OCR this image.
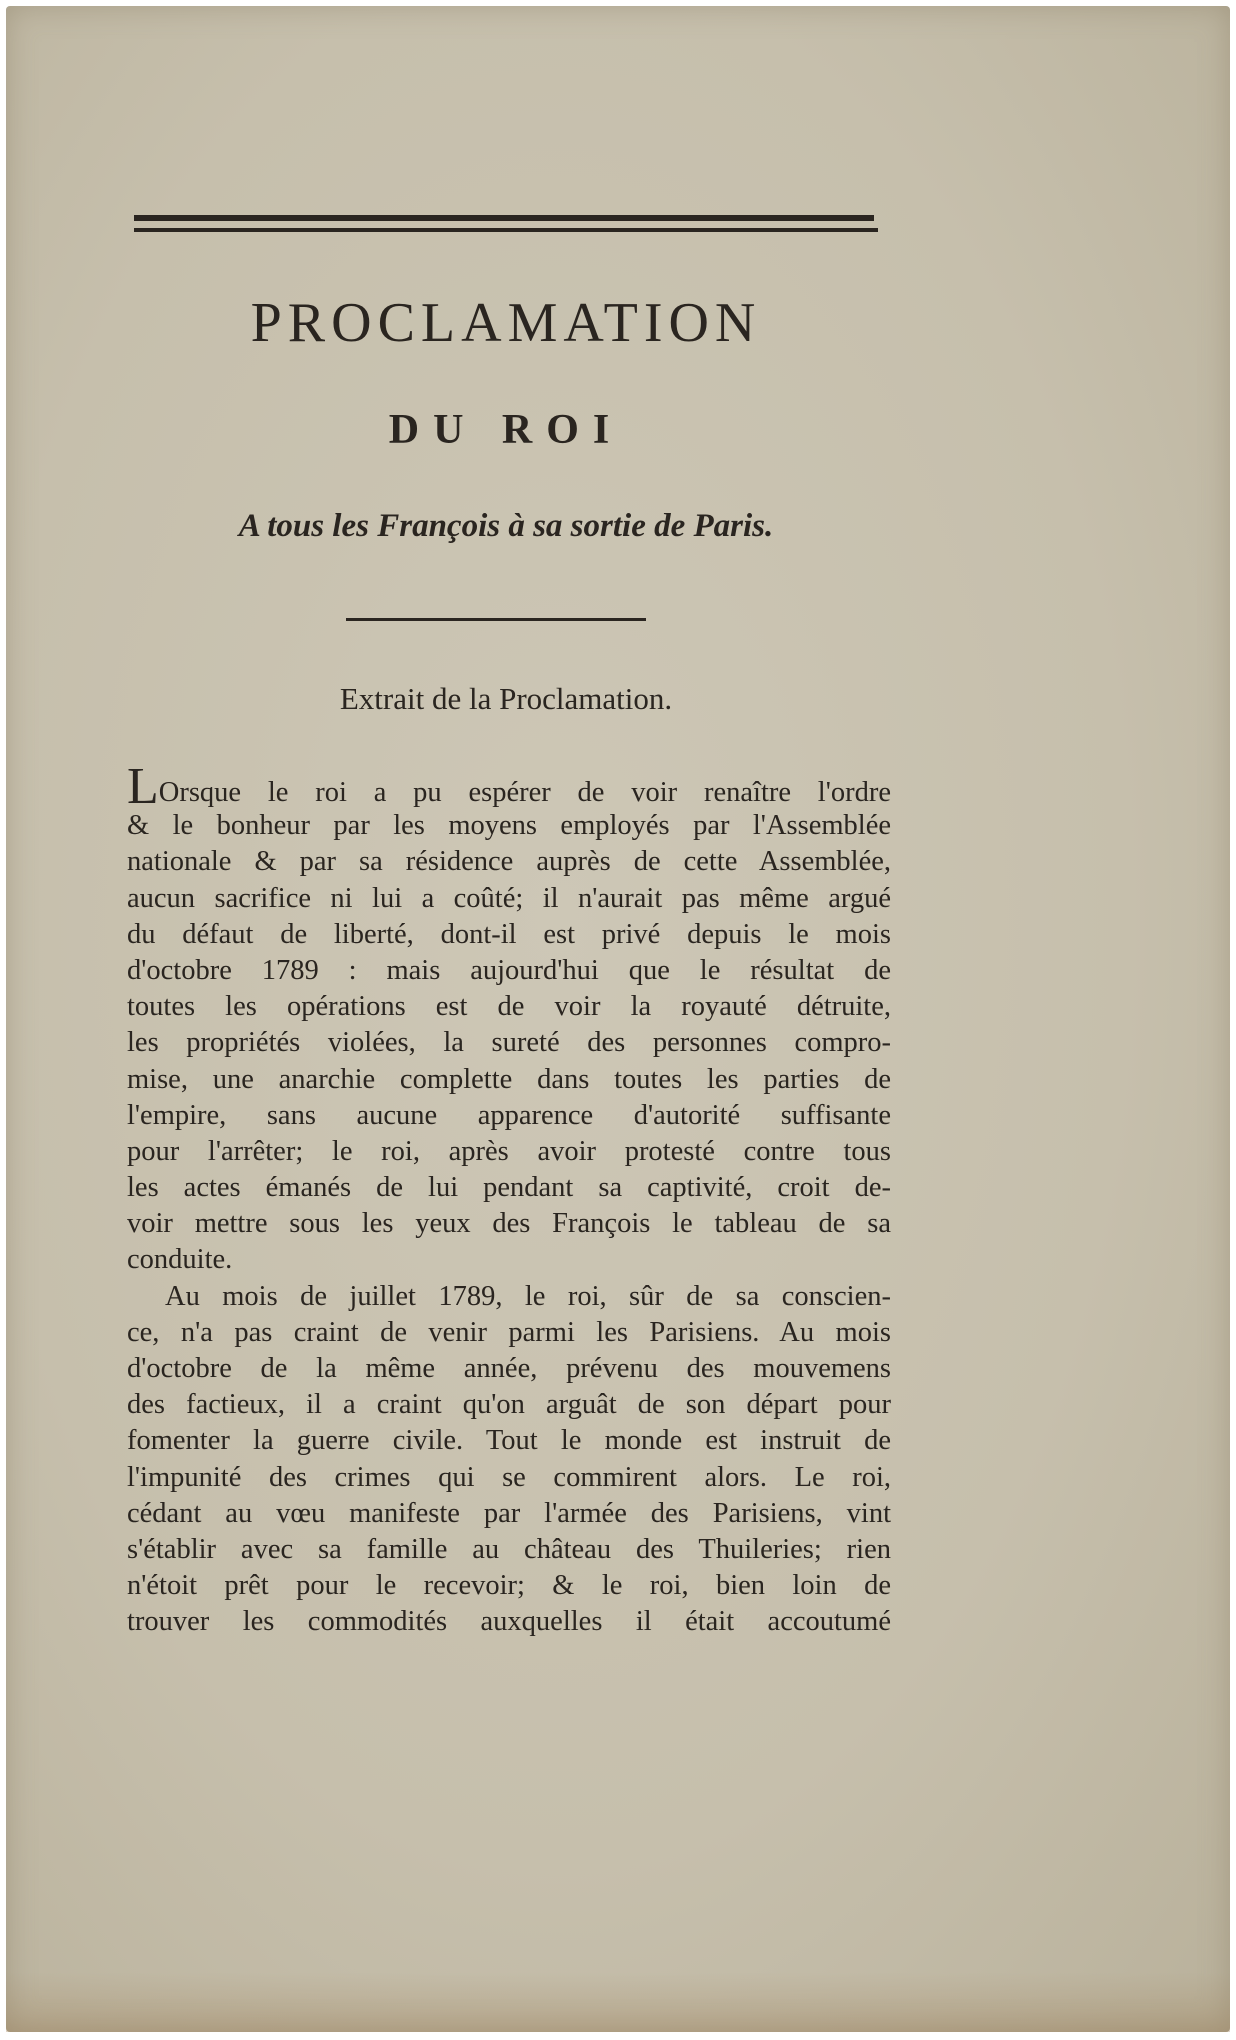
PROCLAMATION
DU ROI
A tous les François à sa sortie de Paris.
Extrait de la Proclamation.
LOrsque le roi a pu espérer de voir renaître l'ordre
& le bonheur par les moyens employés par l'Assemblée
nationale & par sa résidence auprès de cette Assemblée,
aucun sacrifice ni lui a coûté; il n'aurait pas même argué
du défaut de liberté, dont-il est privé depuis le mois
d'octobre 1789 : mais aujourd'hui que le résultat de
toutes les opérations est de voir la royauté détruite,
les propriétés violées, la sureté des personnes compro-
mise, une anarchie complette dans toutes les parties de
l'empire, sans aucune apparence d'autorité suffisante
pour l'arrêter; le roi, après avoir protesté contre tous
les actes émanés de lui pendant sa captivité, croit de-
voir mettre sous les yeux des François le tableau de sa
conduite.
Au mois de juillet 1789, le roi, sûr de sa conscien-
ce, n'a pas craint de venir parmi les Parisiens. Au mois
d'octobre de la même année, prévenu des mouvemens
des factieux, il a craint qu'on arguât de son départ pour
fomenter la guerre civile. Tout le monde est instruit de
l'impunité des crimes qui se commirent alors. Le roi,
cédant au vœu manifeste par l'armée des Parisiens, vint
s'établir avec sa famille au château des Thuileries; rien
n'étoit prêt pour le recevoir; & le roi, bien loin de
trouver les commodités auxquelles il était accoutumé
